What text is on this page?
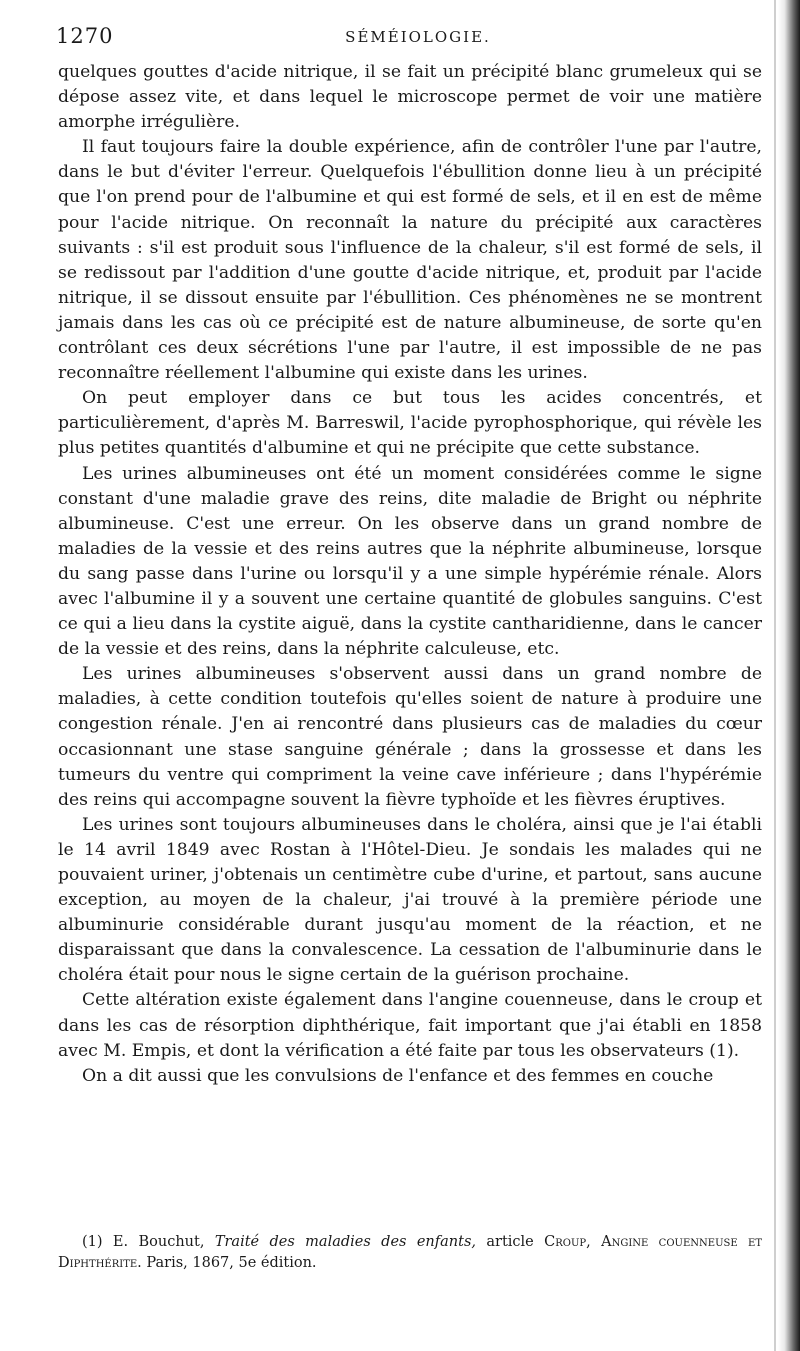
1270	SÉMÉIOLOGIE.

quelques gouttes d'acide nitrique, il se fait un précipité blanc grumeleux qui se dépose assez vite, et dans lequel le microscope permet de voir une matière amorphe irrégulière.

Il faut toujours faire la double expérience, afin de contrôler l'une par l'autre, dans le but d'éviter l'erreur. Quelquefois l'ébullition donne lieu à un précipité que l'on prend pour de l'albumine et qui est formé de sels, et il en est de même pour l'acide nitrique. On reconnaît la nature du précipité aux caractères suivants : s'il est produit sous l'influence de la chaleur, s'il est formé de sels, il se redissout par l'addition d'une goutte d'acide nitrique, et, produit par l'acide nitrique, il se dissout ensuite par l'ébullition. Ces phénomènes ne se montrent jamais dans les cas où ce précipité est de nature albumineuse, de sorte qu'en contrôlant ces deux sécrétions l'une par l'autre, il est impossible de ne pas reconnaître réellement l'albumine qui existe dans les urines.

On peut employer dans ce but tous les acides concentrés, et particulièrement, d'après M. Barreswil, l'acide pyrophosphorique, qui révèle les plus petites quantités d'albumine et qui ne précipite que cette substance.

Les urines albumineuses ont été un moment considérées comme le signe constant d'une maladie grave des reins, dite maladie de Bright ou néphrite albumineuse. C'est une erreur. On les observe dans un grand nombre de maladies de la vessie et des reins autres que la néphrite albumineuse, lorsque du sang passe dans l'urine ou lorsqu'il y a une simple hypérémie rénale. Alors avec l'albumine il y a souvent une certaine quantité de globules sanguins. C'est ce qui a lieu dans la cystite aiguë, dans la cystite cantharidienne, dans le cancer de la vessie et des reins, dans la néphrite calculeuse, etc.

Les urines albumineuses s'observent aussi dans un grand nombre de maladies, à cette condition toutefois qu'elles soient de nature à produire une congestion rénale. J'en ai rencontré dans plusieurs cas de maladies du cœur occasionnant une stase sanguine générale ; dans la grossesse et dans les tumeurs du ventre qui compriment la veine cave inférieure ; dans l'hypérémie des reins qui accompagne souvent la fièvre typhoïde et les fièvres éruptives.

Les urines sont toujours albumineuses dans le choléra, ainsi que je l'ai établi le 14 avril 1849 avec Rostan à l'Hôtel-Dieu. Je sondais les malades qui ne pouvaient uriner, j'obtenais un centimètre cube d'urine, et partout, sans aucune exception, au moyen de la chaleur, j'ai trouvé à la première période une albuminurie considérable durant jusqu'au moment de la réaction, et ne disparaissant que dans la convalescence. La cessation de l'albuminurie dans le choléra était pour nous le signe certain de la guérison prochaine.

Cette altération existe également dans l'angine couenneuse, dans le croup et dans les cas de résorption diphthérique, fait important que j'ai établi en 1858 avec M. Empis, et dont la vérification a été faite par tous les observateurs (1).

On a dit aussi que les convulsions de l'enfance et des femmes en couche

(1) E. Bouchut, Traité des maladies des enfants, article Croup, Angine couenneuse et Diphthérite. Paris, 1867, 5e édition.
